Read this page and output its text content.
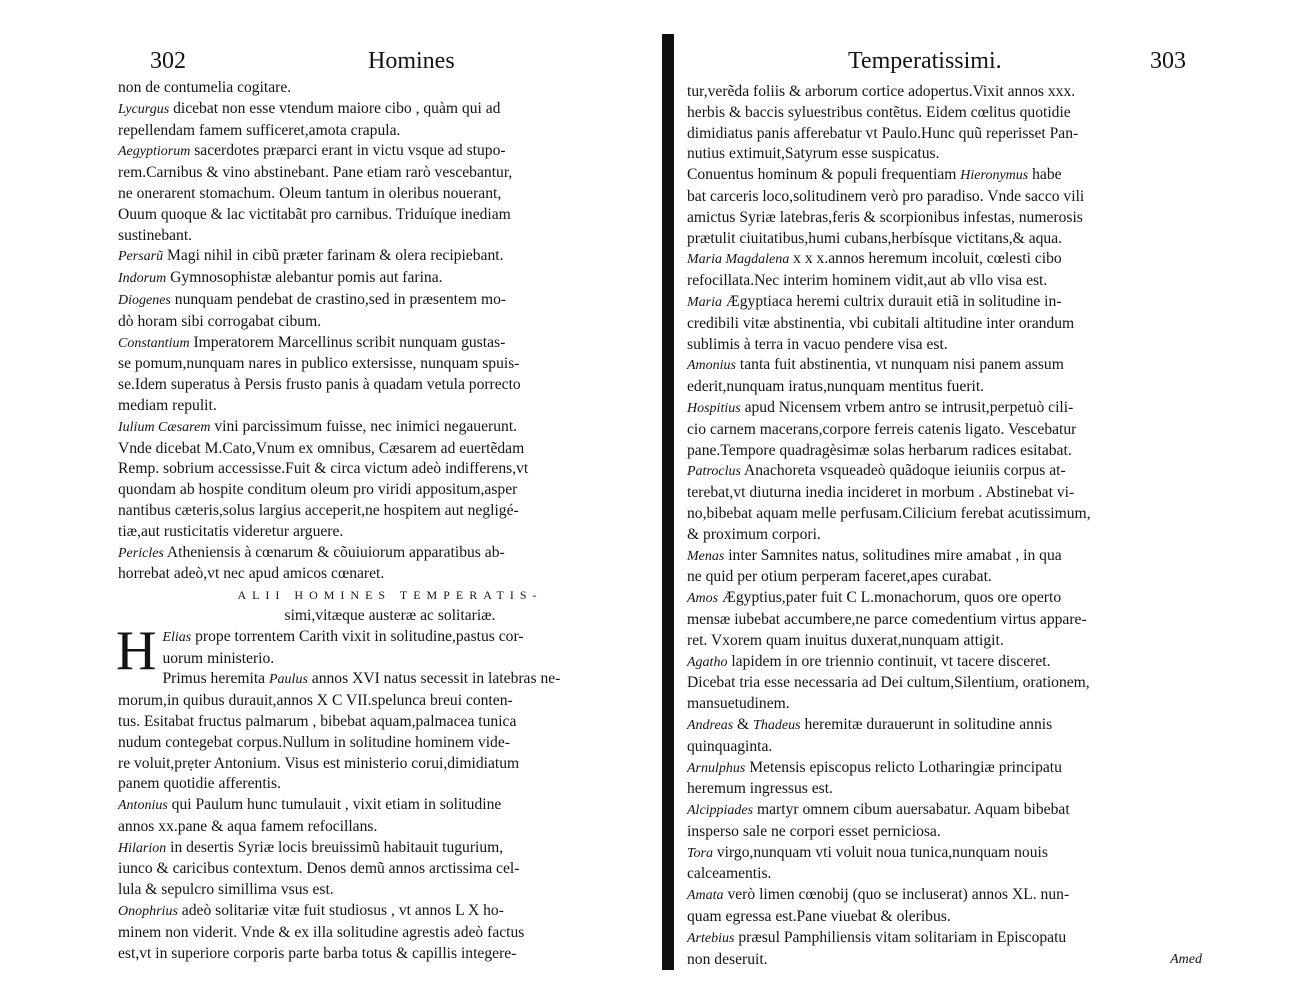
302	Homines

non de contumelia cogitare.

Lycurgus dicebat non esse vtendum maiore cibo , quàm qui ad

repellendam famem sufficeret,amota crapula.

Aegyptiorum sacerdotes præparci erant in victu vsque ad stupo-

rem.Carnibus & vino abstinebant. Pane etiam rarò vescebantur,

ne onerarent stomachum. Oleum tantum in oleribus nouerant,

Ouum quoque & lac victitabãt pro carnibus. Triduíque inediam

sustinebant.

Persarũ Magi nihil in cibũ præter farinam & olera recipiebant.

Indorum Gymnosophistæ alebantur pomis aut farina.

Diogenes nunquam pendebat de crastino,sed in præsentem mo-

dò horam sibi corrogabat cibum.

Constantium Imperatorem Marcellinus scribit nunquam gustas-

se pomum,nunquam nares in publico extersisse, nunquam spuis-

se.Idem superatus à Persis frusto panis à quadam vetula porrecto

mediam repulit.

Iulium Cæsarem vini parcissimum fuisse, nec inimici negauerunt.

Vnde dicebat M.Cato,Vnum ex omnibus, Cæsarem ad euertẽdam

Remp. sobrium accessisse.Fuit & circa victum adeò indifferens,vt

quondam ab hospite conditum oleum pro viridi appositum,asper

nantibus cæteris,solus largius acceperit,ne hospitem aut negligé-

tiæ,aut rusticitatis videretur arguere.

Pericles Atheniensis à cœnarum & cõuiuiorum apparatibus ab-

horrebat adeò,vt nec apud amicos cœnaret.

ALII HOMINES TEMPERATIS-

simi,vitæque austeræ ac solitariæ.

H Elias prope torrentem Carith vixit in solitudine,pastus cor-

uorum ministerio.

Primus heremita Paulus annos XVI natus secessit in latebras ne-

morum,in quibus durauit,annos X C VII.spelunca breui conten-

tus. Esitabat fructus palmarum , bibebat aquam,palmacea tunica

nudum contegebat corpus.Nullum in solitudine hominem vide-

re voluit,prẹter Antonium. Visus est ministerio corui,dimidiatum

panem quotidie afferentis.

Antonius qui Paulum hunc tumulauit , vixit etiam in solitudine

annos xx.pane & aqua famem refocillans.

Hilarion in desertis Syriæ locis breuissimũ habitauit tugurium,

iunco & caricibus contextum. Denos demũ annos arctissima cel-

lula & sepulcro simillima vsus est.

Onophrius adeò solitariæ vitæ fuit studiosus , vt annos L X ho-

minem non viderit. Vnde & ex illa solitudine agrestis adeò factus

est,vt in superiore corporis parte barba totus & capillis integere-

Temperatissimi.	303

tur,verẽda foliis & arborum cortice adopertus.Vixit annos xxx.

herbis & baccis syluestribus contẽtus. Eidem cœlitus quotidie

dimidiatus panis afferebatur vt Paulo.Hunc quũ reperisset Pan-

nutius extimuit,Satyrum esse suspicatus.

Conuentus hominum & populi frequentiam Hieronymus habe

bat carceris loco,solitudinem verò pro paradiso. Vnde sacco vili

amictus Syriæ latebras,feris & scorpionibus infestas, numerosis

prætulit ciuitatibus,humi cubans,herbísque victitans,& aqua.

Maria Magdalena x x x.annos heremum incoluit, cœlesti cibo

refocillata.Nec interim hominem vidit,aut ab vllo visa est.

Maria Ægyptiaca heremi cultrix durauit etiã in solitudine in-

credibili vitæ abstinentia, vbi cubitali altitudine inter orandum

sublimis à terra in vacuo pendere visa est.

Amonius tanta fuit abstinentia, vt nunquam nisi panem assum

ederit,nunquam iratus,nunquam mentitus fuerit.

Hospitius apud Nicensem vrbem antro se intrusit,perpetuò cili-

cio carnem macerans,corpore ferreis catenis ligato. Vescebatur

pane.Tempore quadragèsimæ solas herbarum radices esitabat.

Patroclus Anachoreta vsqueadeò quãdoque ieiuniis corpus at-

terebat,vt diuturna inedia incideret in morbum . Abstinebat vi-

no,bibebat aquam melle perfusam.Cilicium ferebat acutissimum,

& proximum corpori.

Menas inter Samnites natus, solitudines mire amabat , in qua

ne quid per otium perperam faceret,apes curabat.

Amos Ægyptius,pater fuit C L.monachorum, quos ore operto

mensæ iubebat accumbere,ne parce comedentium virtus appare-

ret. Vxorem quam inuitus duxerat,nunquam attigit.

Agatho lapidem in ore triennio continuit, vt tacere disceret.

Dicebat tria esse necessaria ad Dei cultum,Silentium, orationem,

mansuetudinem.

Andreas & Thadeus heremitæ durauerunt in solitudine annis

quinquaginta.

Arnulphus Metensis episcopus relicto Lotharingiæ principatu

heremum ingressus est.

Alcippiades martyr omnem cibum auersabatur. Aquam bibebat

inspersо sale ne corpori esset perniciosa.

Tora virgo,nunquam vti voluit noua tunica,nunquam nouis

calceamentis.

Amata verò limen cœnobij (quo se incluserat) annos XL. nun-

quam egressa est.Pane viuebat & oleribus.

Artebius præsul Pamphiliensis vitam solitariam in Episcopatu

non deseruit.	Amed
